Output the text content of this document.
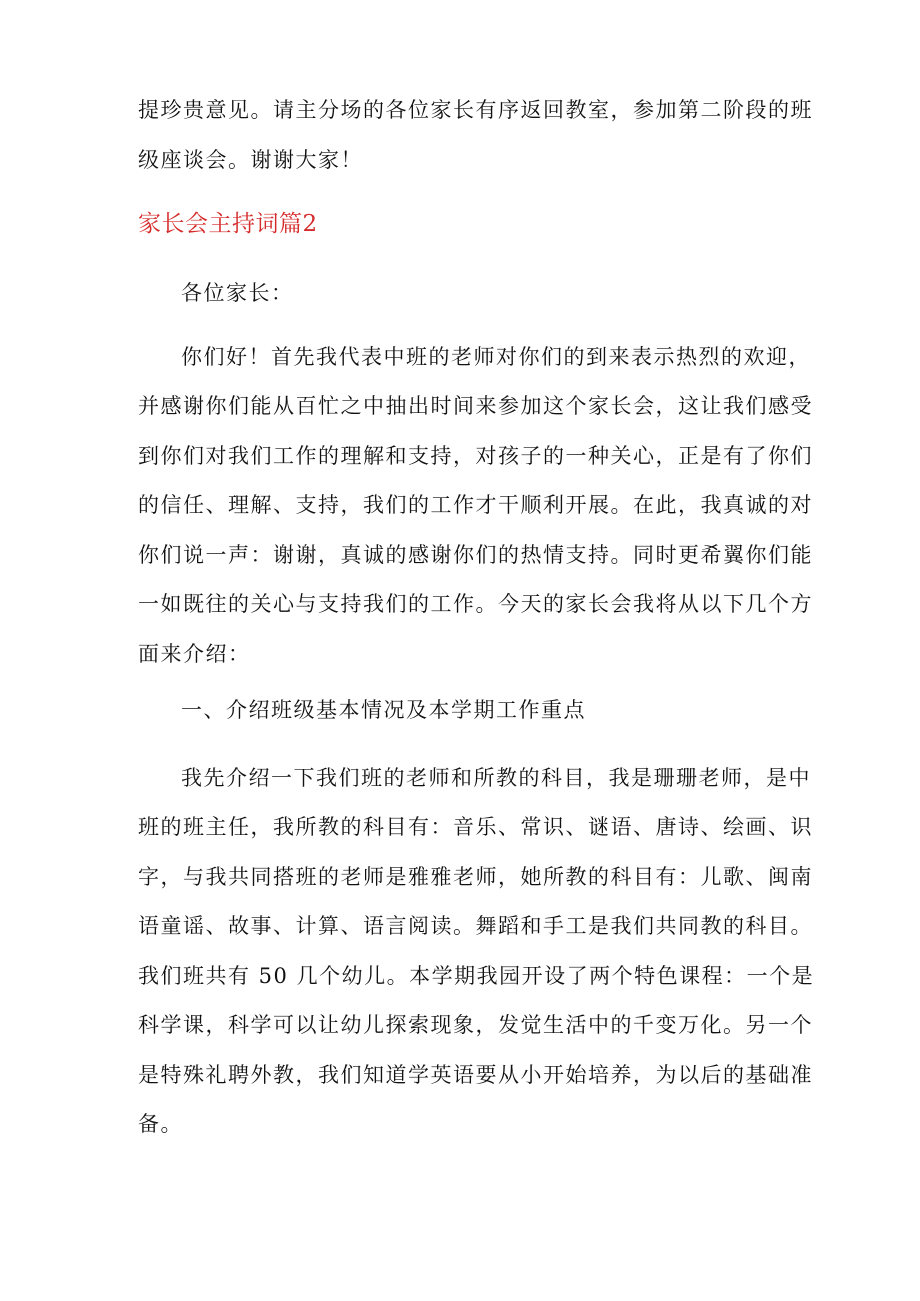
提珍贵意见。请主分场的各位家长有序返回教室，参加第二阶段的班
级座谈会。谢谢大家！
家长会主持词篇2
各位家长：
你们好！首先我代表中班的老师对你们的到来表示热烈的欢迎，
并感谢你们能从百忙之中抽出时间来参加这个家长会，这让我们感受
到你们对我们工作的理解和支持，对孩子的一种关心，正是有了你们
的信任、理解、支持，我们的工作才干顺利开展。在此，我真诚的对
你们说一声：谢谢，真诚的感谢你们的热情支持。同时更希翼你们能
一如既往的关心与支持我们的工作。今天的家长会我将从以下几个方
面来介绍：
一、介绍班级基本情况及本学期工作重点
我先介绍一下我们班的老师和所教的科目，我是珊珊老师，是中
班的班主任，我所教的科目有：音乐、常识、谜语、唐诗、绘画、识
字，与我共同搭班的老师是雅雅老师，她所教的科目有：儿歌、闽南
语童谣、故事、计算、语言阅读。舞蹈和手工是我们共同教的科目。
我们班共有 50 几个幼儿。本学期我园开设了两个特色课程：一个是
科学课，科学可以让幼儿探索现象，发觉生活中的千变万化。另一个
是特殊礼聘外教，我们知道学英语要从小开始培养，为以后的基础准
备。
